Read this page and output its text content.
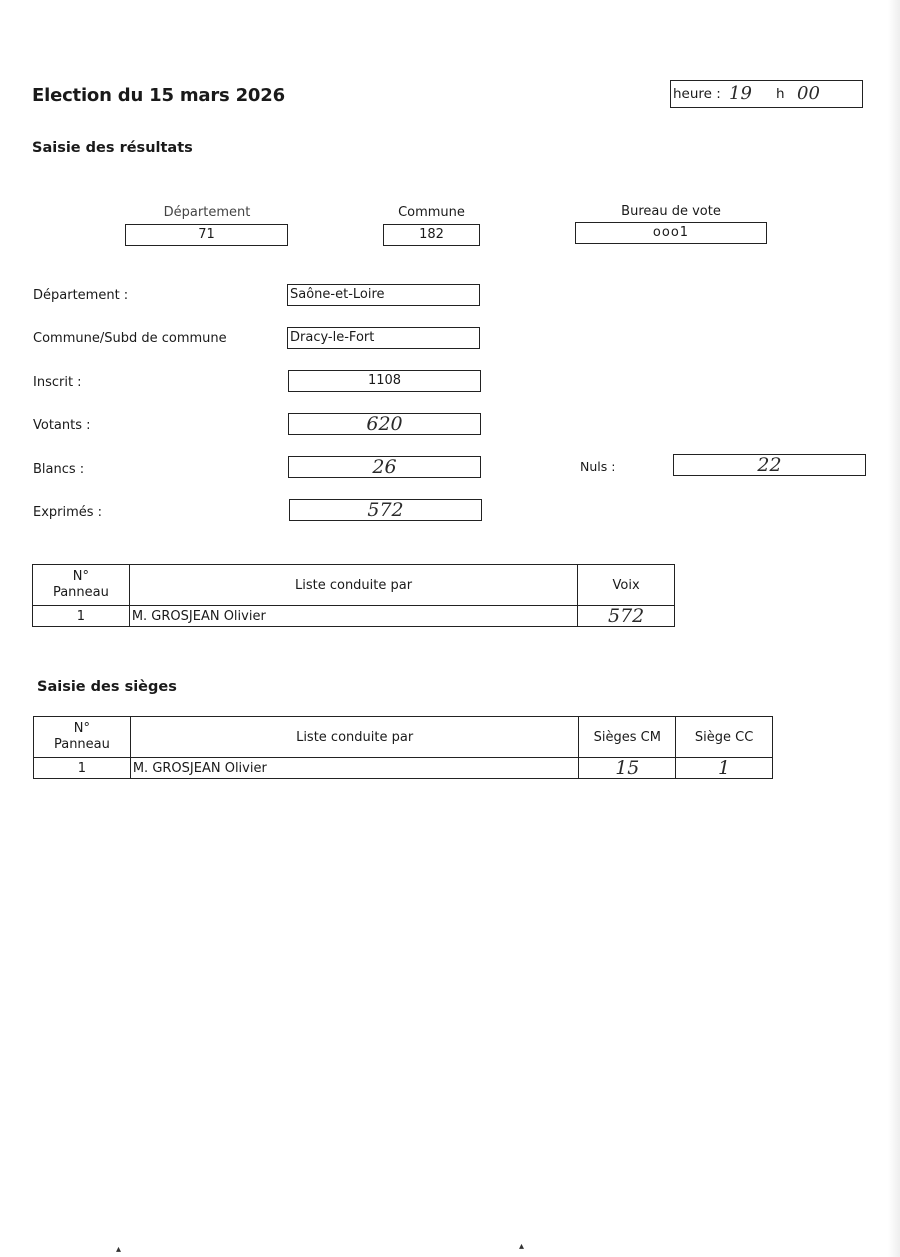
Election du 15 mars 2026	heure : 19 h 00
Saisie des résultats
Département
71
Commune
182
Bureau de vote
ooo1
Département :	Saône-et-Loire
Commune/Subd de commune	Dracy-le-Fort
Inscrit :	1108
Votants :	620
Blancs :	26	Nuls :	22
Exprimés :	572
N°
Panneau	Liste conduite par	Voix
1	M. GROSJEAN Olivier	572
Saisie des sièges
N°
Panneau	Liste conduite par	Sièges CM	Siège CC
1	M. GROSJEAN Olivier	15	1
▴	▴
